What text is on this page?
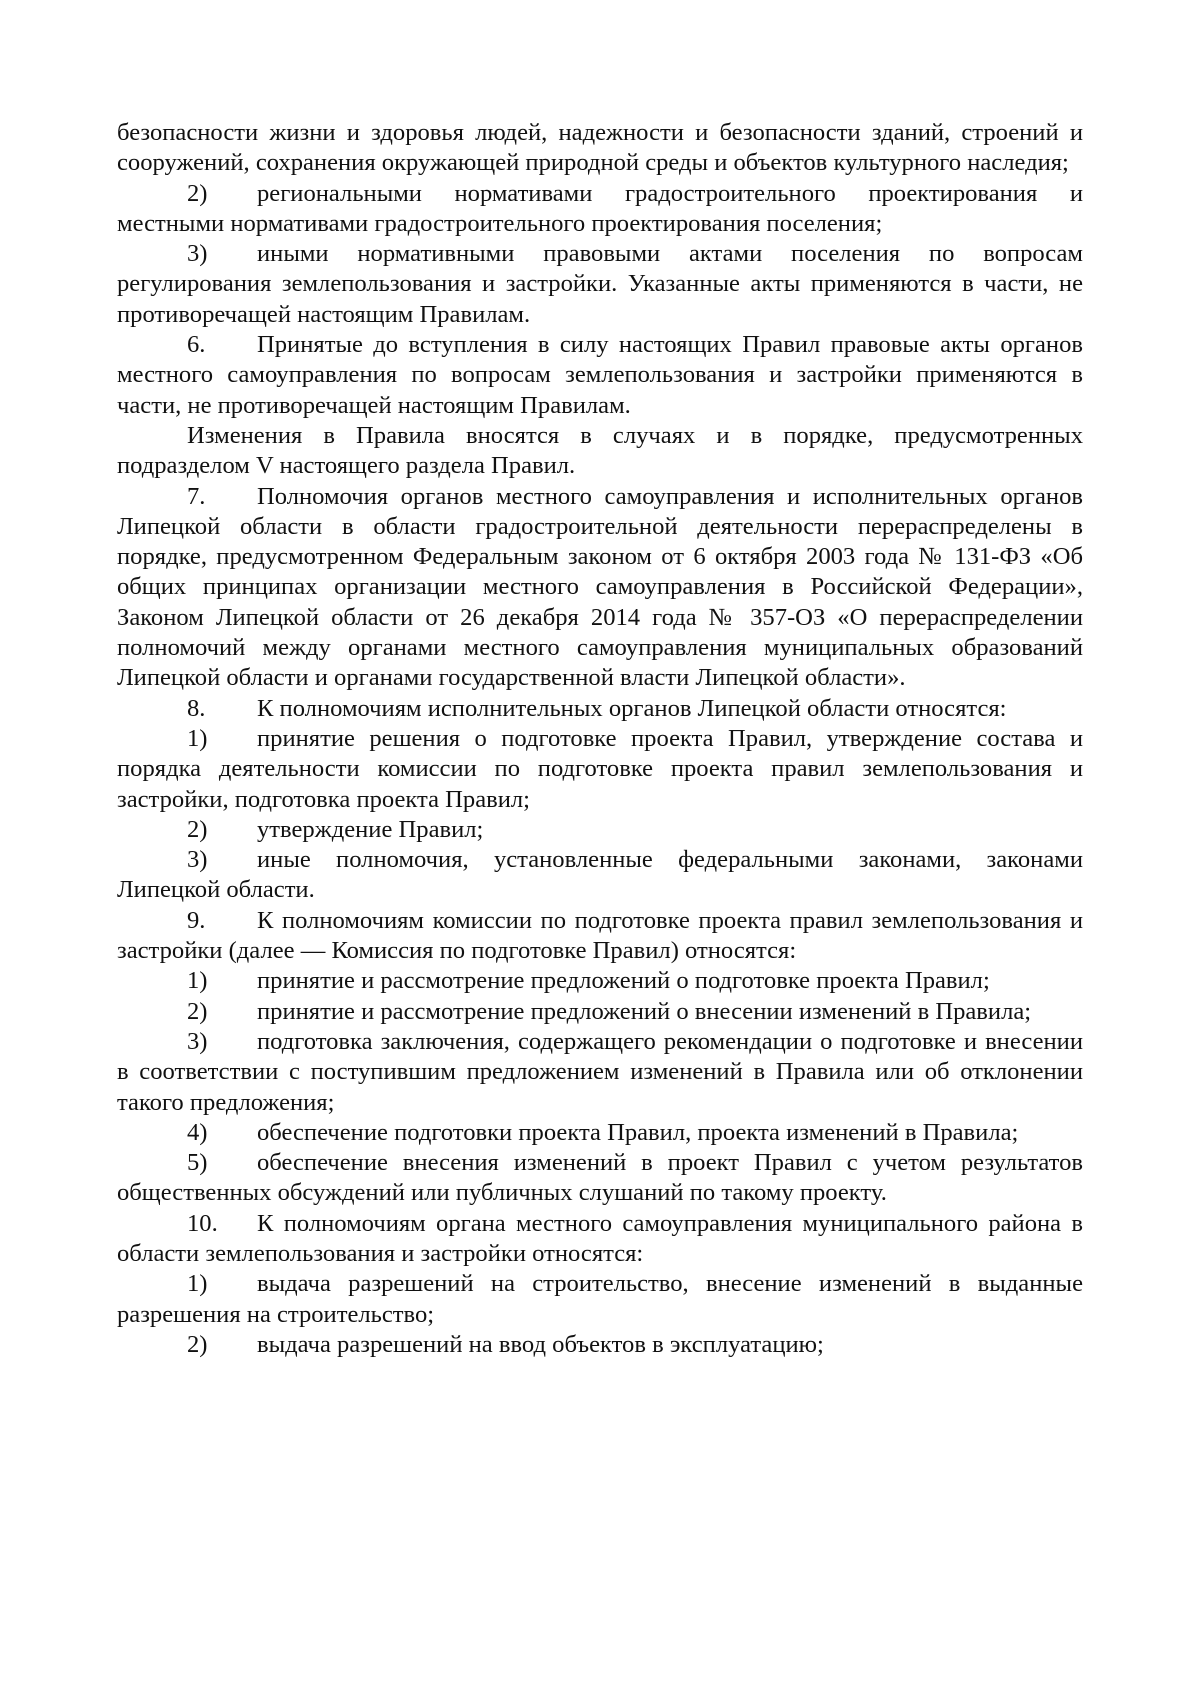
безопасности жизни и здоровья людей, надежности и безопасности зданий, строений и сооружений, сохранения окружающей природной среды и объектов культурного наследия;

2) региональными нормативами градостроительного проектирования и местными нормативами градостроительного проектирования поселения;

3) иными нормативными правовыми актами поселения по вопросам регулирования землепользования и застройки. Указанные акты применяются в части, не противоречащей настоящим Правилам.

6. Принятые до вступления в силу настоящих Правил правовые акты органов местного самоуправления по вопросам землепользования и застройки применяются в части, не противоречащей настоящим Правилам.

Изменения в Правила вносятся в случаях и в порядке, предусмотренных подразделом V настоящего раздела Правил.

7. Полномочия органов местного самоуправления и исполнительных органов Липецкой области в области градостроительной деятельности перераспределены в порядке, предусмотренном Федеральным законом от 6 октября 2003 года № 131-ФЗ «Об общих принципах организации местного самоуправления в Российской Федерации», Законом Липецкой области от 26 декабря 2014 года № 357-ОЗ «О перераспределении полномочий между органами местного самоуправления муниципальных образований Липецкой области и органами государственной власти Липецкой области».

8. К полномочиям исполнительных органов Липецкой области относятся:

1) принятие решения о подготовке проекта Правил, утверждение состава и порядка деятельности комиссии по подготовке проекта правил землепользования и застройки, подготовка проекта Правил;

2) утверждение Правил;

3) иные полномочия, установленные федеральными законами, законами Липецкой области.

9. К полномочиям комиссии по подготовке проекта правил землепользования и застройки (далее — Комиссия по подготовке Правил) относятся:

1) принятие и рассмотрение предложений о подготовке проекта Правил;

2) принятие и рассмотрение предложений о внесении изменений в Правила;

3) подготовка заключения, содержащего рекомендации о подготовке и внесении в соответствии с поступившим предложением изменений в Правила или об отклонении такого предложения;

4) обеспечение подготовки проекта Правил, проекта изменений в Правила;

5) обеспечение внесения изменений в проект Правил с учетом результатов общественных обсуждений или публичных слушаний по такому проекту.

10. К полномочиям органа местного самоуправления муниципального района в области землепользования и застройки относятся:

1) выдача разрешений на строительство, внесение изменений в выданные разрешения на строительство;

2) выдача разрешений на ввод объектов в эксплуатацию;
